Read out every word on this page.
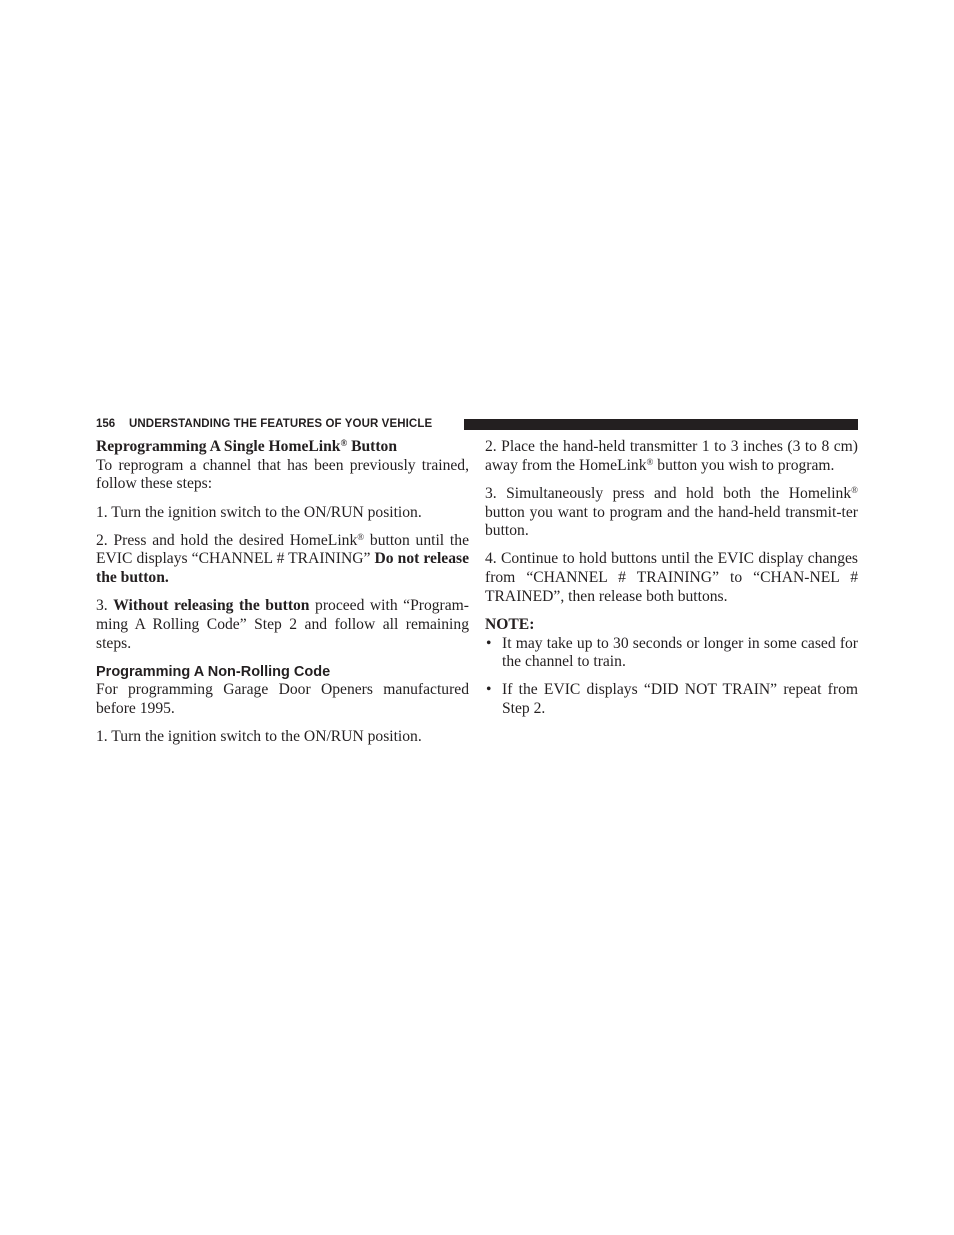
156 UNDERSTANDING THE FEATURES OF YOUR VEHICLE

Reprogramming A Single HomeLink® Button

To reprogram a channel that has been previously trained, follow these steps:

1. Turn the ignition switch to the ON/RUN position.

2. Press and hold the desired HomeLink® button until the EVIC displays “CHANNEL # TRAINING” Do not release the button.

3. Without releasing the button proceed with “Program-ming A Rolling Code” Step 2 and follow all remaining steps.

Programming A Non-Rolling Code

For programming Garage Door Openers manufactured before 1995.

1. Turn the ignition switch to the ON/RUN position.

2. Place the hand-held transmitter 1 to 3 inches (3 to 8 cm) away from the HomeLink® button you wish to program.

3. Simultaneously press and hold both the Homelink® button you want to program and the hand-held transmit-ter button.

4. Continue to hold buttons until the EVIC display changes from “CHANNEL # TRAINING” to “CHAN-NEL # TRAINED”, then release both buttons.

NOTE:

• It may take up to 30 seconds or longer in some cased for the channel to train.
• If the EVIC displays “DID NOT TRAIN” repeat from Step 2.
